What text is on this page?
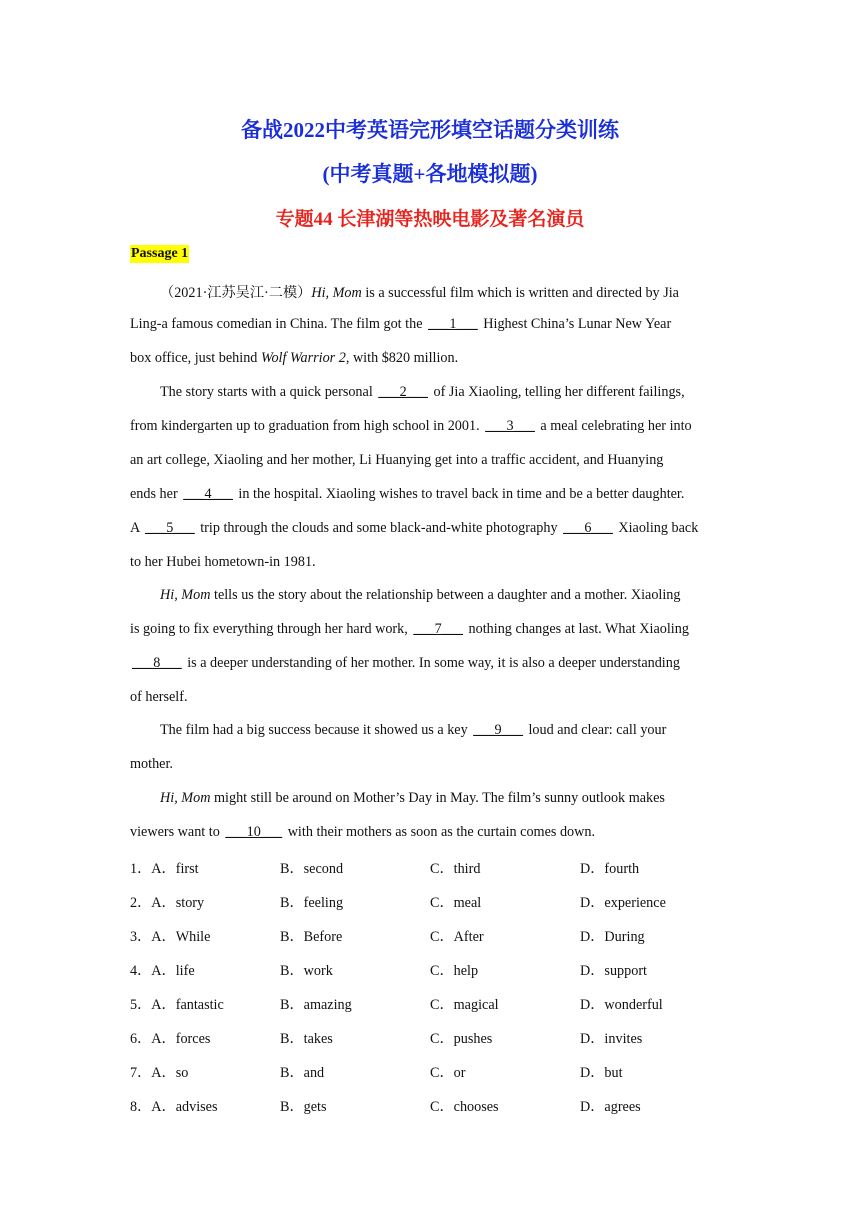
备战2022中考英语完形填空话题分类训练
(中考真题+各地模拟题)
专题44 长津湖等热映电影及著名演员
Passage 1
（2021·江苏吴江·二模）Hi, Mom is a successful film which is written and directed by Jia
Ling-a famous comedian in China. The film got the ___1___ Highest China’s Lunar New Year
box office, just behind Wolf Warrior 2, with $820 million.
The story starts with a quick personal ___2___ of Jia Xiaoling, telling her different failings,
from kindergarten up to graduation from high school in 2001. ___3___ a meal celebrating her into
an art college, Xiaoling and her mother, Li Huanying get into a traffic accident, and Huanying
ends her ___4___ in the hospital. Xiaoling wishes to travel back in time and be a better daughter.
A ___5___ trip through the clouds and some black-and-white photography ___6___ Xiaoling back
to her Hubei hometown-in 1981.
Hi, Mom tells us the story about the relationship between a daughter and a mother. Xiaoling
is going to fix everything through her hard work, ___7___ nothing changes at last. What Xiaoling
___8___ is a deeper understanding of her mother. In some way, it is also a deeper understanding
of herself.
The film had a big success because it showed us a key ___9___ loud and clear: call your
mother.
Hi, Mom might still be around on Mother’s Day in May. The film’s sunny outlook makes
viewers want to ___10___ with their mothers as soon as the curtain comes down.
1．A．first	B．second	C．third	D．fourth
2．A．story	B．feeling	C．meal	D．experience
3．A．While	B．Before	C．After	D．During
4．A．life	B．work	C．help	D．support
5．A．fantastic	B．amazing	C．magical	D．wonderful
6．A．forces	B．takes	C．pushes	D．invites
7．A．so	B．and	C．or	D．but
8．A．advises	B．gets	C．chooses	D．agrees
